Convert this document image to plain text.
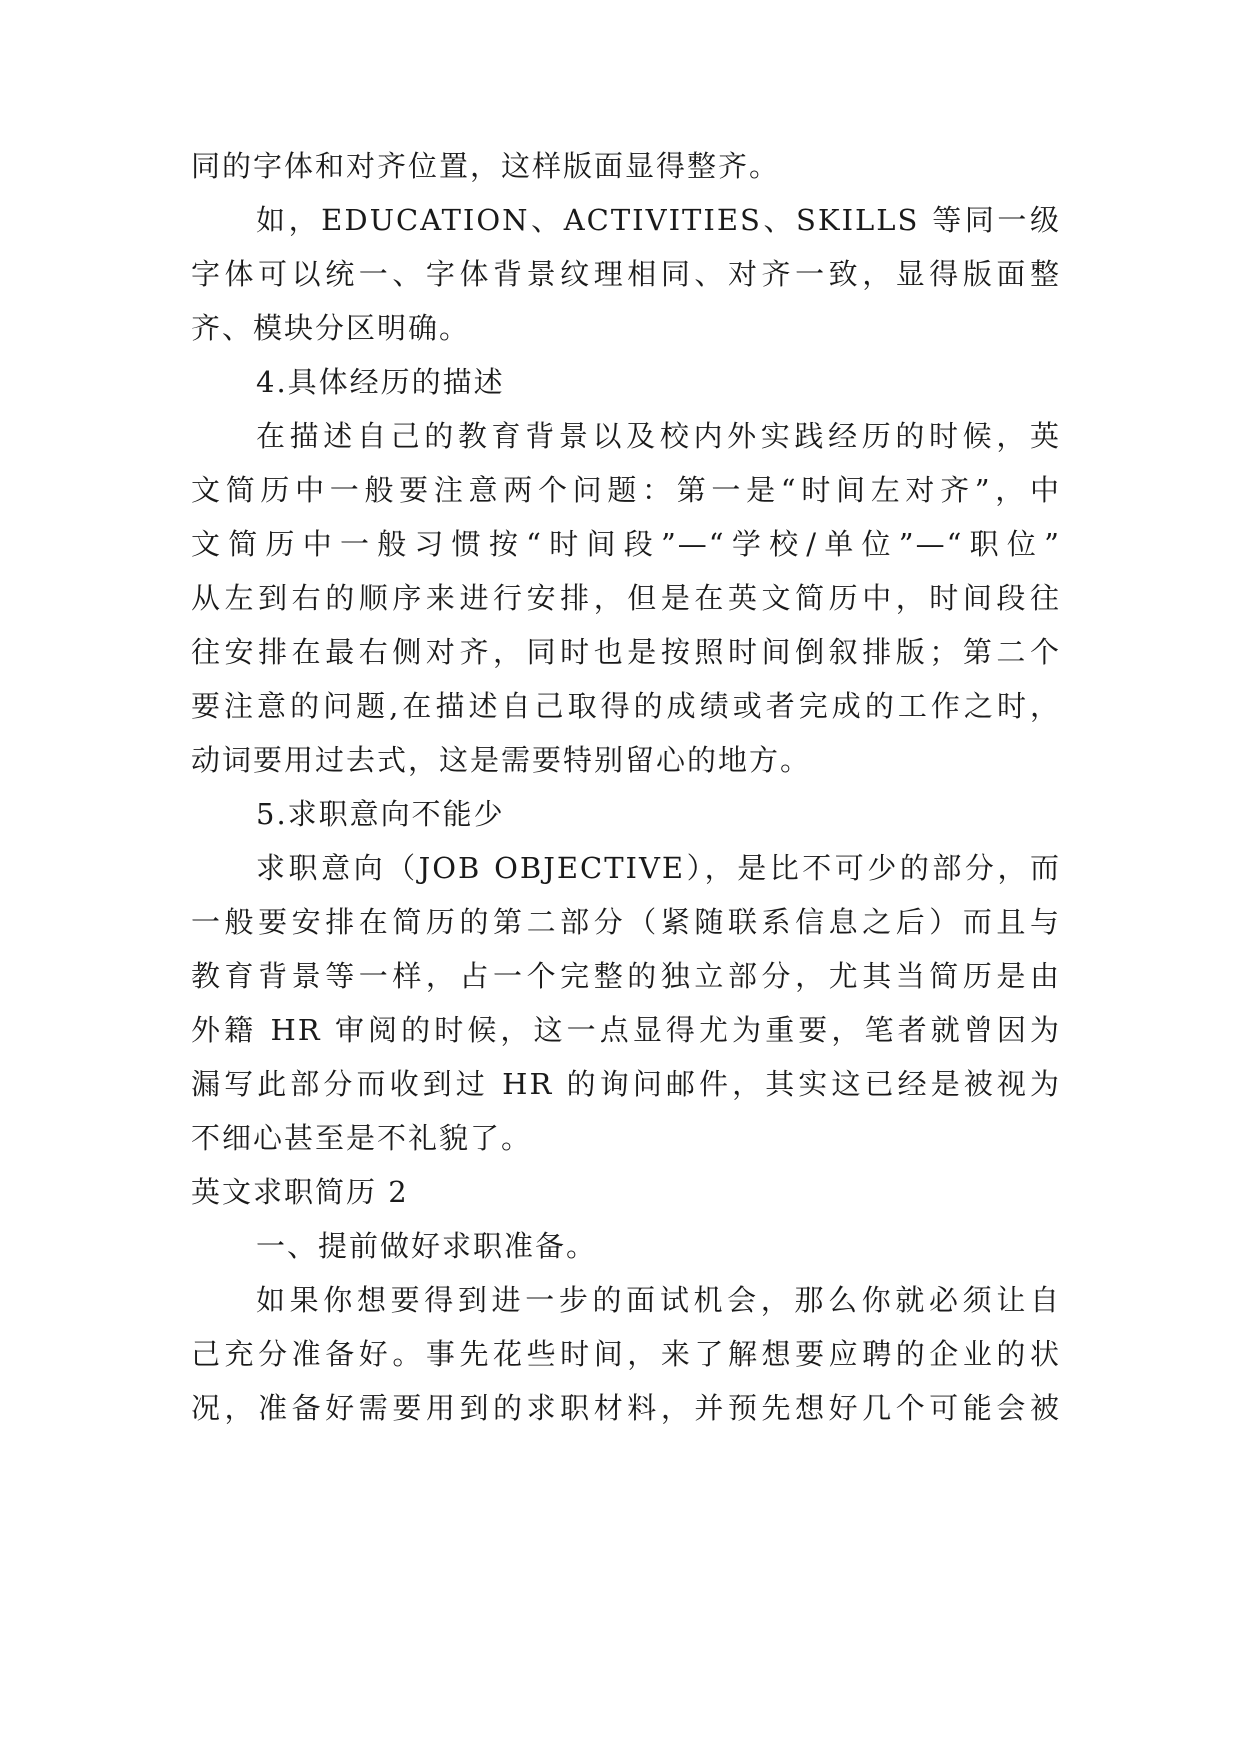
同的字体和对齐位置，这样版面显得整齐。

如，EDUCATION、ACTIVITIES、SKILLS 等同一级

字体可以统一、字体背景纹理相同、对齐一致，显得版面整

齐、模块分区明确。

4.具体经历的描述

在描述自己的教育背景以及校内外实践经历的时候，英

文简历中一般要注意两个问题：第一是“时间左对齐”，中

文简历中一般习惯按“时间段”—“学校/单位”—“职位”

从左到右的顺序来进行安排，但是在英文简历中，时间段往

往安排在最右侧对齐，同时也是按照时间倒叙排版；第二个

要注意的问题,在描述自己取得的成绩或者完成的工作之时，

动词要用过去式，这是需要特别留心的地方。

5.求职意向不能少

求职意向（JOB OBJECTIVE），是比不可少的部分，而

一般要安排在简历的第二部分（紧随联系信息之后）而且与

教育背景等一样，占一个完整的独立部分，尤其当简历是由

外籍 HR 审阅的时候，这一点显得尤为重要，笔者就曾因为

漏写此部分而收到过 HR 的询问邮件，其实这已经是被视为

不细心甚至是不礼貌了。

英文求职简历 2

一、提前做好求职准备。

如果你想要得到进一步的面试机会，那么你就必须让自

己充分准备好。事先花些时间，来了解想要应聘的企业的状

况，准备好需要用到的求职材料，并预先想好几个可能会被
